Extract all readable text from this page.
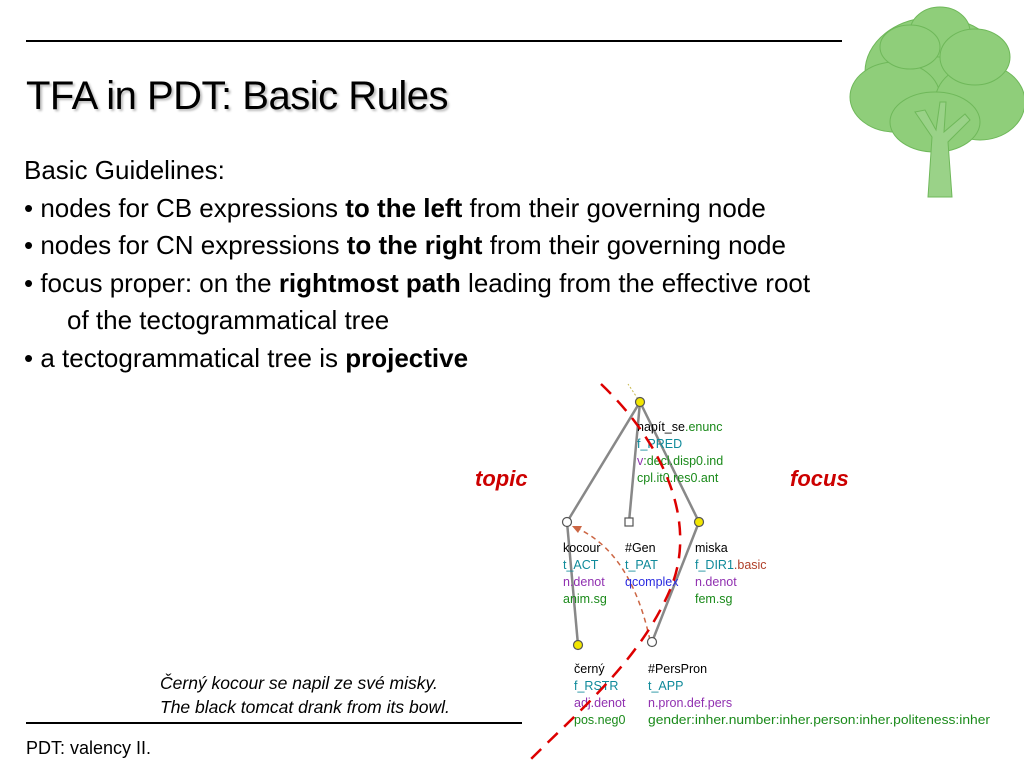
TFA in PDT: Basic Rules
Basic Guidelines:
• nodes for CB expressions to the left from their governing node
• nodes for CN expressions to the right from their governing node
• focus proper: on the rightmost path leading from the effective root
of the tectogrammatical tree
• a tectogrammatical tree is projective
topic	focus
napít_se.enunc
f_PRED
v:decl.disp0.ind
cpl.it0.res0.ant
kocour
t_ACT
n.denot
anim.sg
#Gen
t_PAT
qcomplex
miska
f_DIR1.basic
n.denot
fem.sg
černý
f_RSTR
adj.denot
pos.neg0
#PersPron
t_APP
n.pron.def.pers
gender:inher.number:inher.person:inher.politeness:inher
Černý kocour se napil ze své misky.
The black tomcat drank from its bowl.
PDT: valency II.
